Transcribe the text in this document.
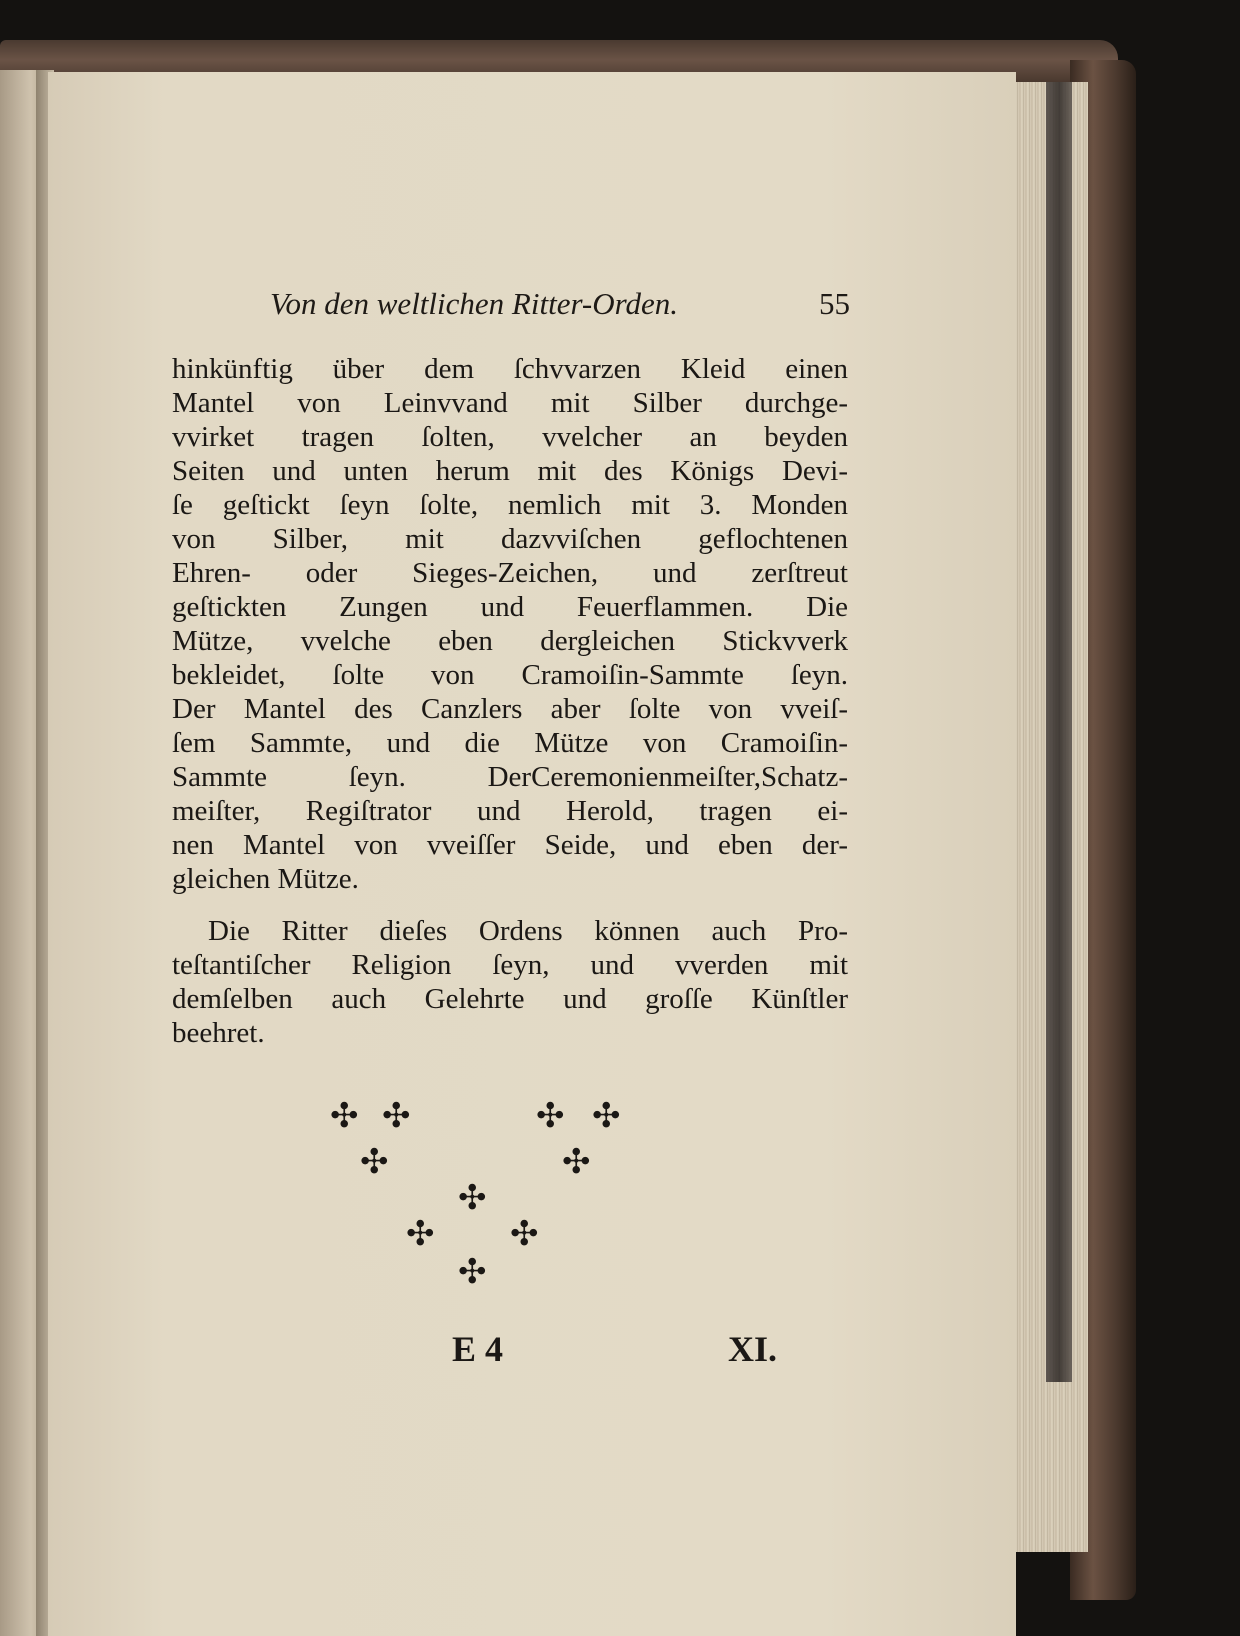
Von den weltlichen Ritter-Orden.	55
hinkünftig über dem ſchvvarzen Kleid einen
Mantel von Leinvvand mit Silber durchge-
vvirket tragen ſolten, vvelcher an beyden
Seiten und unten herum mit des Königs Devi-
ſe geſtickt ſeyn ſolte, nemlich mit 3. Monden
von Silber, mit dazvviſchen geflochtenen
Ehren- oder Sieges-Zeichen, und zerſtreut
geſtickten Zungen und Feuerflammen. Die
Mütze, vvelche eben dergleichen Stickvverk
bekleidet, ſolte von Cramoiſin-Sammte ſeyn.
Der Mantel des Canzlers aber ſolte von vveiſ-
ſem Sammte, und die Mütze von Cramoiſin-
Sammte ſeyn. DerCeremonienmeiſter,Schatz-
meiſter, Regiſtrator und Herold, tragen ei-
nen Mantel von vveiſſer Seide, und eben der-
gleichen Mütze.
Die Ritter dieſes Ordens können auch Pro-
teſtantiſcher Religion ſeyn, und vverden mit
demſelben auch Gelehrte und groſſe Künſtler
beehret.
✣ ✣	✣ ✣
✣	✣
✣
✣ ✣
✣
E 4	XI.
